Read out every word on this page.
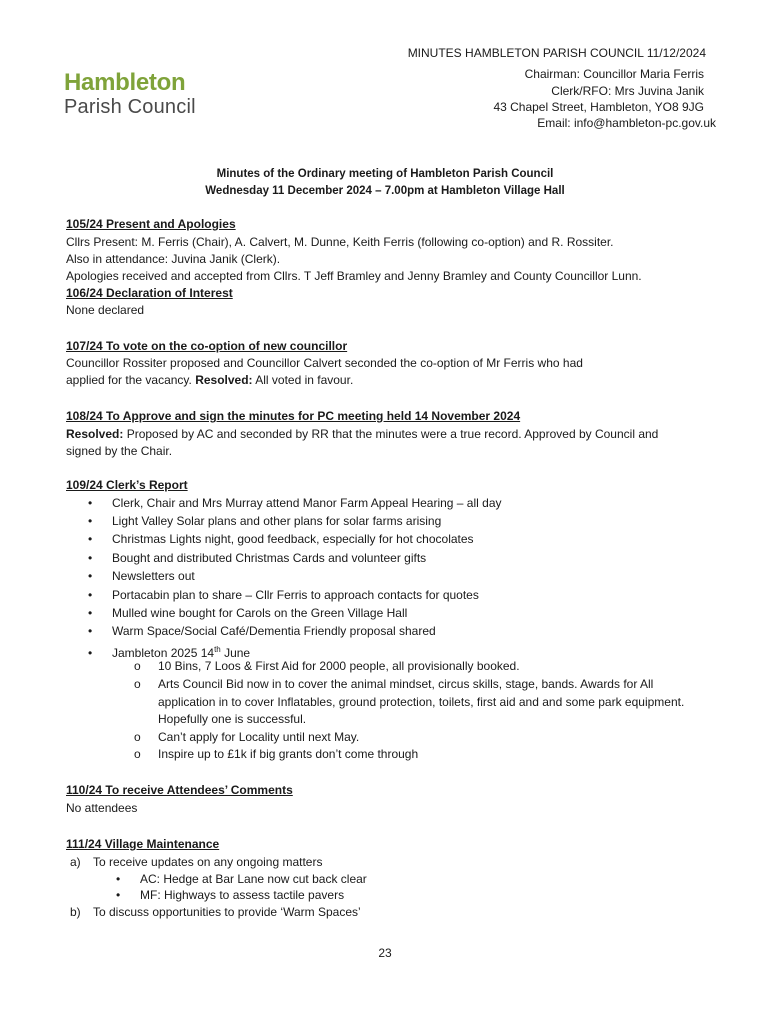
MINUTES HAMBLETON PARISH COUNCIL 11/12/2024
Hambleton
Parish Council
Chairman: Councillor Maria Ferris
Clerk/RFO: Mrs Juvina Janik
43 Chapel Street, Hambleton, YO8 9JG
Email: info@hambleton-pc.gov.uk
Minutes of the Ordinary meeting of Hambleton Parish Council
Wednesday 11 December 2024 – 7.00pm at Hambleton Village Hall
105/24 Present and Apologies
Cllrs Present: M. Ferris (Chair), A. Calvert, M. Dunne, Keith Ferris (following co-option) and R. Rossiter.
Also in attendance: Juvina Janik (Clerk).
Apologies received and accepted from Cllrs. T Jeff Bramley and Jenny Bramley and County Councillor Lunn.
106/24 Declaration of Interest
None declared
107/24 To vote on the co-option of new councillor
Councillor Rossiter proposed and Councillor Calvert seconded the co-option of Mr Ferris who had
applied for the vacancy. Resolved: All voted in favour.
108/24 To Approve and sign the minutes for PC meeting held 14 November 2024
Resolved: Proposed by AC and seconded by RR that the minutes were a true record. Approved by Council and
signed by the Chair.
109/24 Clerk’s Report
• Clerk, Chair and Mrs Murray attend Manor Farm Appeal Hearing – all day
• Light Valley Solar plans and other plans for solar farms arising
• Christmas Lights night, good feedback, especially for hot chocolates
• Bought and distributed Christmas Cards and volunteer gifts
• Newsletters out
• Portacabin plan to share – Cllr Ferris to approach contacts for quotes
• Mulled wine bought for Carols on the Green Village Hall
• Warm Space/Social Café/Dementia Friendly proposal shared
• Jambleton 2025 14th June
o 10 Bins, 7 Loos & First Aid for 2000 people, all provisionally booked.
o Arts Council Bid now in to cover the animal mindset, circus skills, stage, bands. Awards for All application in to cover Inflatables, ground protection, toilets, first aid and and some park equipment. Hopefully one is successful.
o Can’t apply for Locality until next May.
o Inspire up to £1k if big grants don’t come through
110/24 To receive Attendees’ Comments
No attendees
111/24 Village Maintenance
a) To receive updates on any ongoing matters
• AC: Hedge at Bar Lane now cut back clear
• MF: Highways to assess tactile pavers
b) To discuss opportunities to provide ‘Warm Spaces’
23
